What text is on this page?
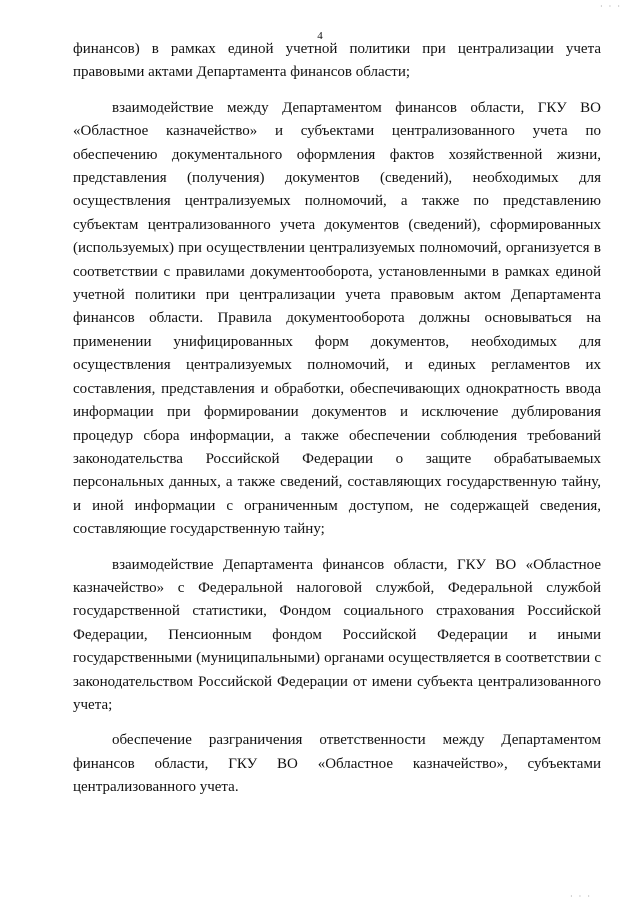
· · ·
4

финансов) в рамках единой учетной политики при централизации учета правовыми актами Департамента финансов области;

взаимодействие между Департаментом финансов области, ГКУ ВО «Областное казначейство» и субъектами централизованного учета по обеспечению документального оформления фактов хозяйственной жизни, представления (получения) документов (сведений), необходимых для осуществления централизуемых полномочий, а также по представлению субъектам централизованного учета документов (сведений), сформированных (используемых) при осуществлении централизуемых полномочий, организуется в соответствии с правилами документооборота, установленными в рамках единой учетной политики при централизации учета правовым актом Департамента финансов области. Правила документооборота должны основываться на применении унифицированных форм документов, необходимых для осуществления централизуемых полномочий, и единых регламентов их составления, представления и обработки, обеспечивающих однократность ввода информации при формировании документов и исключение дублирования процедур сбора информации, а также обеспечении соблюдения требований законодательства Российской Федерации о защите обрабатываемых персональных данных, а также сведений, составляющих государственную тайну, и иной информации с ограниченным доступом, не содержащей сведения, составляющие государственную тайну;

взаимодействие Департамента финансов области, ГКУ ВО «Областное казначейство» с Федеральной налоговой службой, Федеральной службой государственной статистики, Фондом социального страхования Российской Федерации, Пенсионным фондом Российской Федерации и иными государственными (муниципальными) органами осуществляется в соответствии с законодательством Российской Федерации от имени субъекта централизованного учета;

обеспечение разграничения ответственности между Департаментом финансов области, ГКУ ВО «Областное казначейство», субъектами централизованного учета.

· · ·
